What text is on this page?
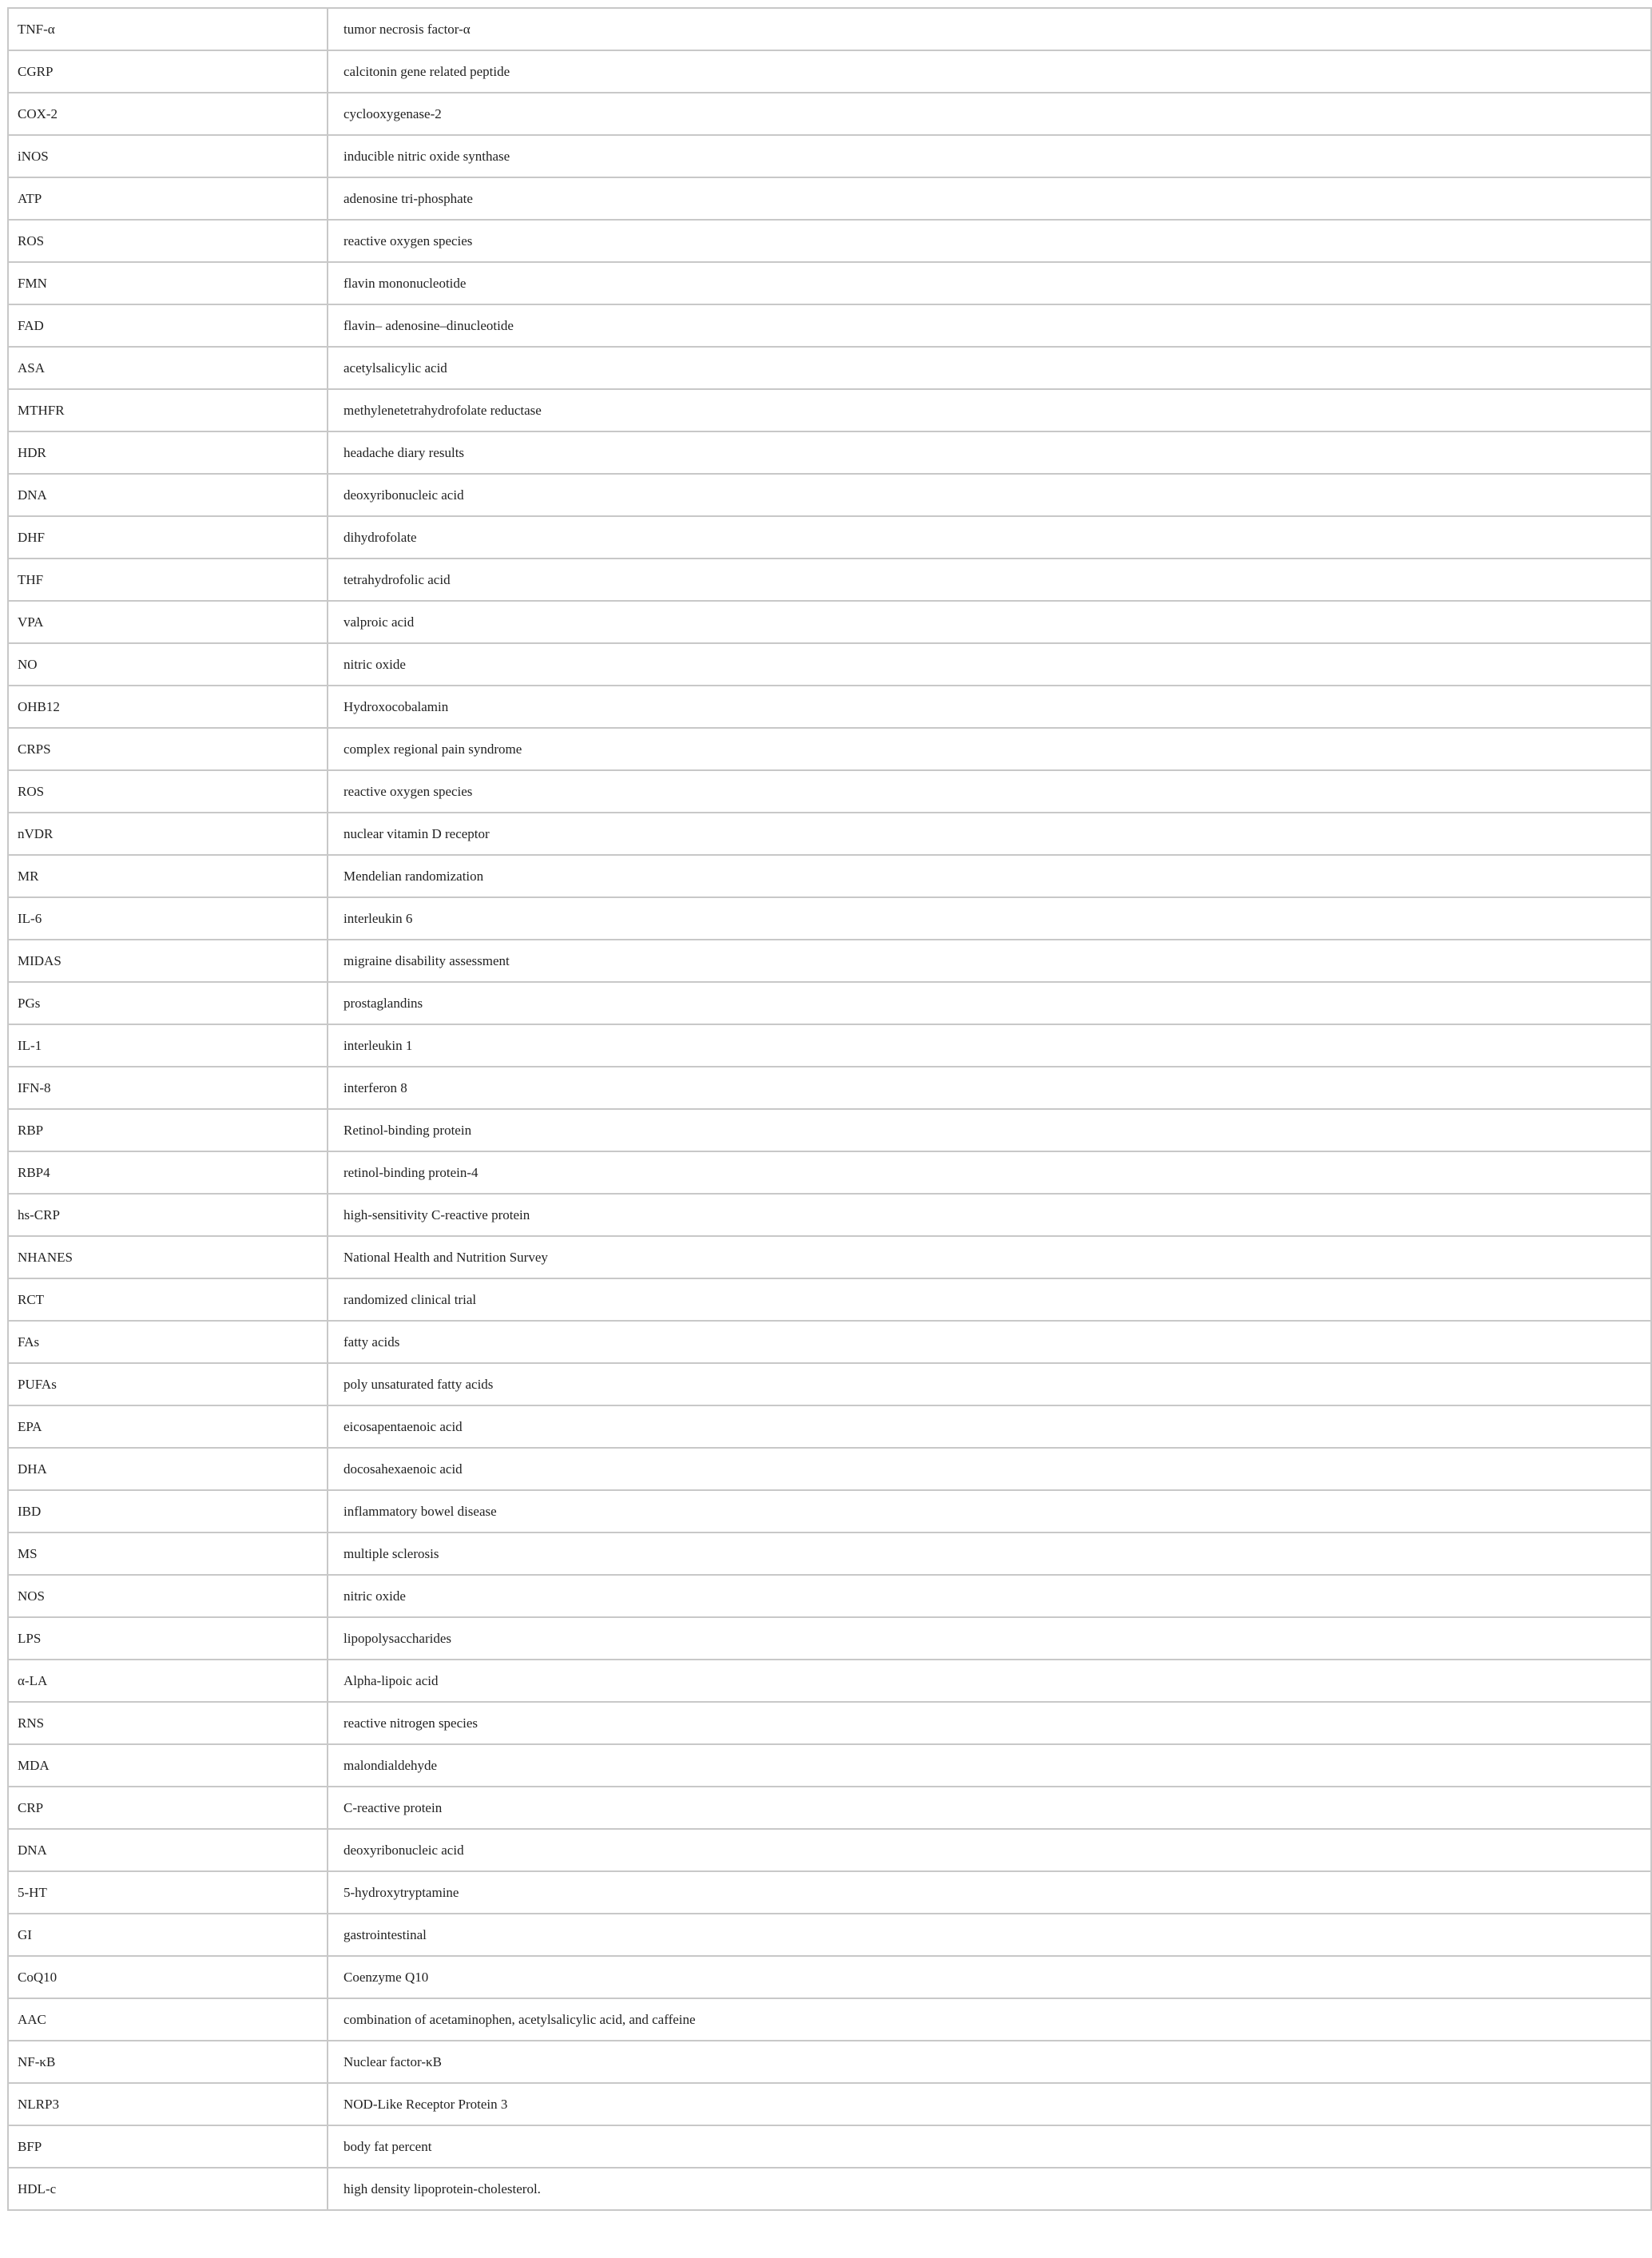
TNF-α	tumor necrosis factor-α
CGRP	calcitonin gene related peptide
COX-2	cyclooxygenase-2
iNOS	inducible nitric oxide synthase
ATP	adenosine tri-phosphate
ROS	reactive oxygen species
FMN	flavin mononucleotide
FAD	flavin– adenosine–dinucleotide
ASA	acetylsalicylic acid
MTHFR	methylenetetrahydrofolate reductase
HDR	headache diary results
DNA	deoxyribonucleic acid
DHF	dihydrofolate
THF	tetrahydrofolic acid
VPA	valproic acid
NO	nitric oxide
OHB12	Hydroxocobalamin
CRPS	complex regional pain syndrome
ROS	reactive oxygen species
nVDR	nuclear vitamin D receptor
MR	Mendelian randomization
IL-6	interleukin 6
MIDAS	migraine disability assessment
PGs	prostaglandins
IL-1	interleukin 1
IFN-8	interferon 8
RBP	Retinol-binding protein
RBP4	retinol-binding protein-4
hs-CRP	high-sensitivity C-reactive protein
NHANES	National Health and Nutrition Survey
RCT	randomized clinical trial
FAs	fatty acids
PUFAs	poly unsaturated fatty acids
EPA	eicosapentaenoic acid
DHA	docosahexaenoic acid
IBD	inflammatory bowel disease
MS	multiple sclerosis
NOS	nitric oxide
LPS	lipopolysaccharides
α-LA	Alpha-lipoic acid
RNS	reactive nitrogen species
MDA	malondialdehyde
CRP	C-reactive protein
DNA	deoxyribonucleic acid
5-HT	5-hydroxytryptamine
GI	gastrointestinal
CoQ10	Coenzyme Q10
AAC	combination of acetaminophen, acetylsalicylic acid, and caffeine
NF-κB	Nuclear factor-κB
NLRP3	NOD-Like Receptor Protein 3
BFP	body fat percent
HDL-c	high density lipoprotein-cholesterol.
